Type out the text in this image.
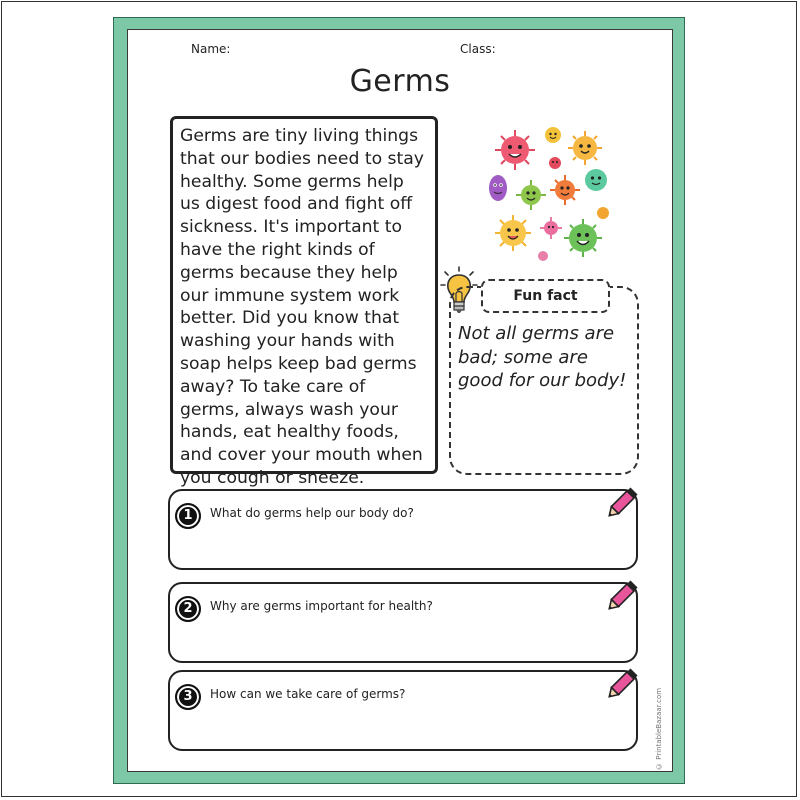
Name:	Class:
Germs
Germs are tiny living things that our bodies need to stay healthy. Some germs help us digest food and fight off sickness. It's important to have the right kinds of germs because they help our immune system work better. Did you know that washing your hands with soap helps keep bad germs away? To take care of germs, always wash your hands, eat healthy foods, and cover your mouth when you cough or sneeze.
Fun fact
Not all germs are bad; some are good for our body!
1	What do germs help our body do?
2	Why are germs important for health?
3	How can we take care of germs?	© PrintableBazaar.com
